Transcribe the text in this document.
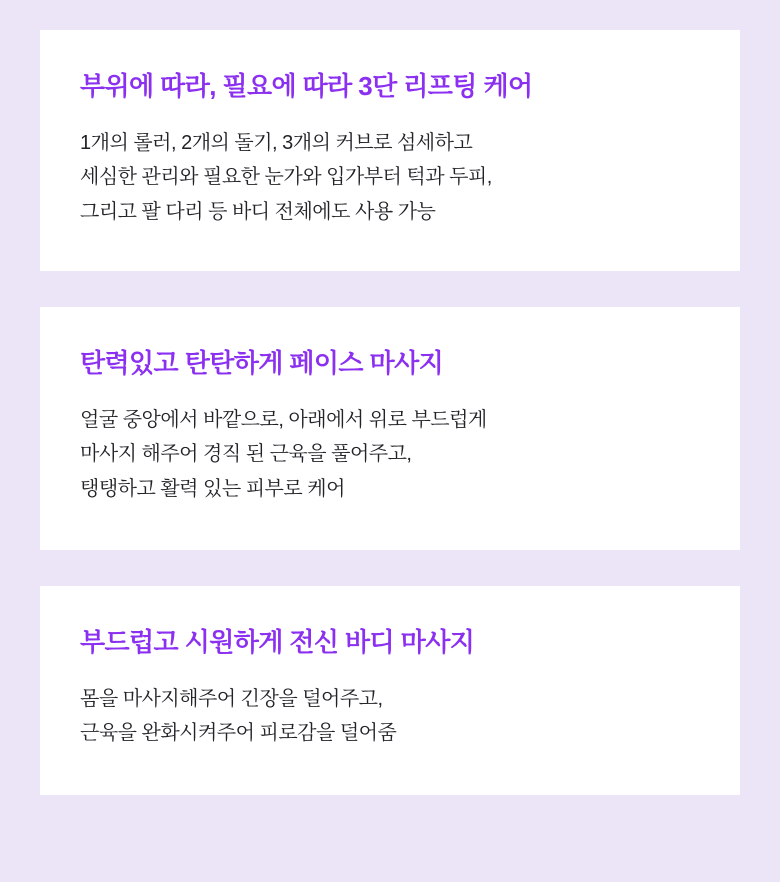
부위에 따라, 필요에 따라 3단 리프팅 케어

1개의 롤러, 2개의 돌기, 3개의 커브로 섬세하고
세심한 관리와 필요한 눈가와 입가부터 턱과 두피,
그리고 팔 다리 등 바디 전체에도 사용 가능

탄력있고 탄탄하게 페이스 마사지

얼굴 중앙에서 바깥으로, 아래에서 위로 부드럽게
마사지 해주어 경직 된 근육을 풀어주고,
탱탱하고 활력 있는 피부로 케어

부드럽고 시원하게 전신 바디 마사지

몸을 마사지해주어 긴장을 덜어주고,
근육을 완화시켜주어 피로감을 덜어줌
